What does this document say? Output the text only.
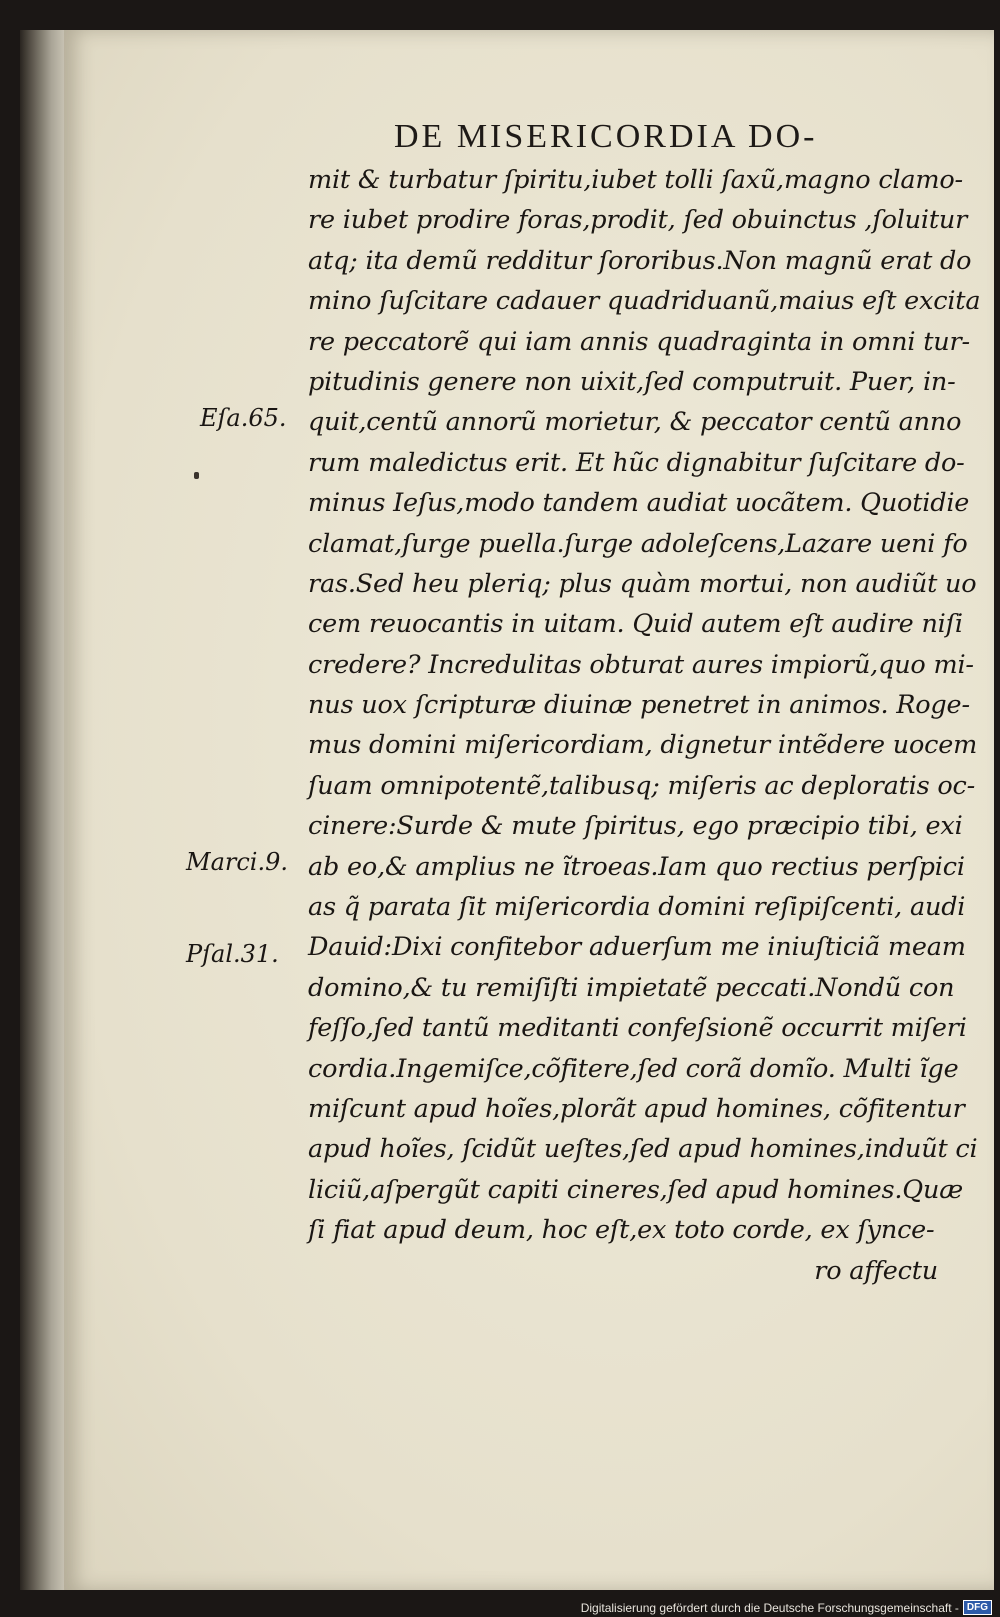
DE MISERICORDIA DO-
mit & turbatur ſpiritu,iubet tolli ſaxũ,magno clamo-
re iubet prodire foras,prodit, ſed obuinctus ,ſoluitur
atq; ita demũ redditur ſororibus.Non magnũ erat do
mino ſuſcitare cadauer quadriduanũ,maius eſt excita
re peccatorẽ qui iam annis quadraginta in omni tur-
pitudinis genere non uixit,ſed computruit. Puer, in-
quit,centũ annorũ morietur, & peccator centũ anno
rum maledictus erit. Et hũc dignabitur ſuſcitare do-
minus Ieſus,modo tandem audiat uocãtem. Quotidie
clamat,ſurge puella.ſurge adoleſcens,Lazare ueni fo
ras.Sed heu pleriq; plus quàm mortui, non audiũt uo
cem reuocantis in uitam. Quid autem eſt audire niſi
credere? Incredulitas obturat aures impiorũ,quo mi-
nus uox ſcripturæ diuinæ penetret in animos. Roge-
mus domini miſericordiam, dignetur intẽdere uocem
ſuam omnipotentẽ,talibusq; miſeris ac deploratis oc-
cinere:Surde & mute ſpiritus, ego præcipio tibi, exi
ab eo,& amplius ne ĩtroeas.Iam quo rectius perſpici
as q̃ parata ſit miſericordia domini reſipiſcenti, audi
Dauid:Dixi confitebor aduerſum me iniuſticiã meam
domino,& tu remiſiſti impietatẽ peccati.Nondũ con
feſſo,ſed tantũ meditanti confeſsionẽ occurrit miſeri
cordia.Ingemiſce,cõfitere,ſed corã domĩo. Multi ĩge
miſcunt apud hoĩes,plorãt apud homines, cõfitentur
apud hoĩes, ſcidũt ueſtes,ſed apud homines,induũt ci
liciũ,aſpergũt capiti cineres,ſed apud homines.Quæ
ſi fiat apud deum, hoc eſt,ex toto corde, ex ſynce-
ro affectu
Eſa.65.
Marci.9.
Pſal.31.
Digitalisierung gefördert durch die Deutsche Forschungsgemeinschaft - DFG
